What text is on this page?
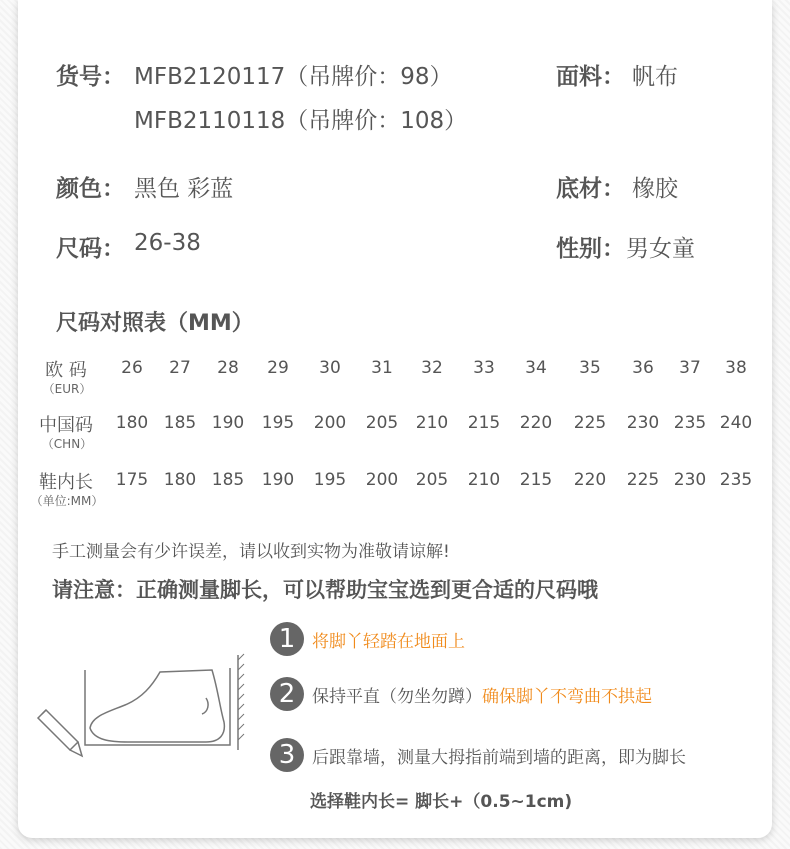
货号： MFB2120117（吊牌价：98）
MFB2110118（吊牌价：108）
面料： 帆布
颜色： 黑色 彩蓝	底材： 橡胶
尺码： 26-38	性别： 男女童
尺码对照表（MM）
欧 码
（EUR）
26	27	28	29	30	31	32	33	34	35	36	37	38
中国码
（CHN）
180 185 190 195 200 205 210 215 220 225 230 235 240
鞋内长
（单位:MM）
175 180 185 190 195 200 205 210 215 220 225 230 235
手工测量会有少许误差，请以收到实物为准敬请谅解!
请注意：正确测量脚长，可以帮助宝宝选到更合适的尺码哦
1 将脚丫轻踏在地面上
2 保持平直（勿坐勿蹲）确保脚丫不弯曲不拱起
3 后跟靠墙，测量大拇指前端到墙的距离，即为脚长
选择鞋内长= 脚长+（0.5~1cm)
